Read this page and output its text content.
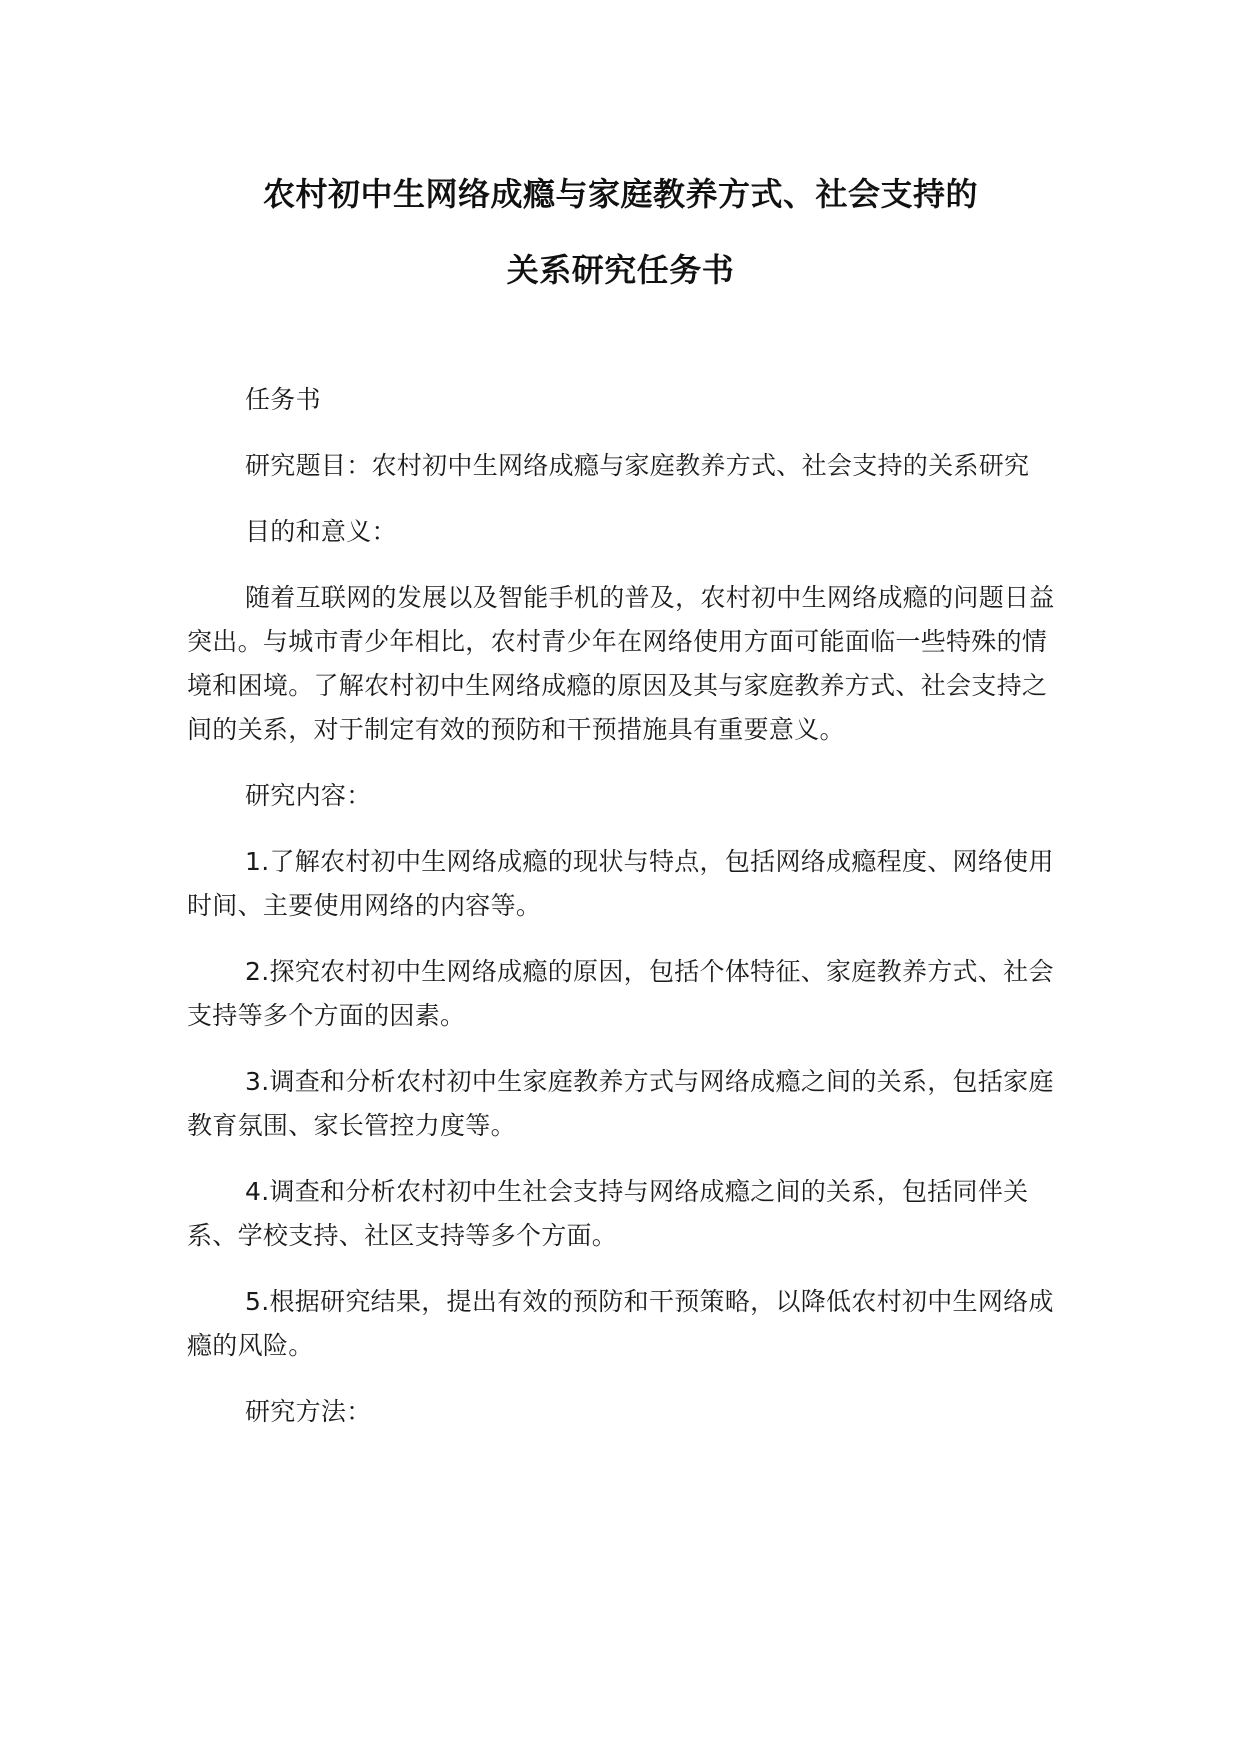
农村初中生网络成瘾与家庭教养方式、社会支持的
关系研究任务书

任务书

研究题目：农村初中生网络成瘾与家庭教养方式、社会支持的关系研究

目的和意义：

随着互联网的发展以及智能手机的普及，农村初中生网络成瘾的问题日益突出。与城市青少年相比，农村青少年在网络使用方面可能面临一些特殊的情境和困境。了解农村初中生网络成瘾的原因及其与家庭教养方式、社会支持之间的关系，对于制定有效的预防和干预措施具有重要意义。

研究内容：

1.了解农村初中生网络成瘾的现状与特点，包括网络成瘾程度、网络使用时间、主要使用网络的内容等。

2.探究农村初中生网络成瘾的原因，包括个体特征、家庭教养方式、社会支持等多个方面的因素。

3.调查和分析农村初中生家庭教养方式与网络成瘾之间的关系，包括家庭教育氛围、家长管控力度等。

4.调查和分析农村初中生社会支持与网络成瘾之间的关系，包括同伴关系、学校支持、社区支持等多个方面。

5.根据研究结果，提出有效的预防和干预策略，以降低农村初中生网络成瘾的风险。

研究方法：
